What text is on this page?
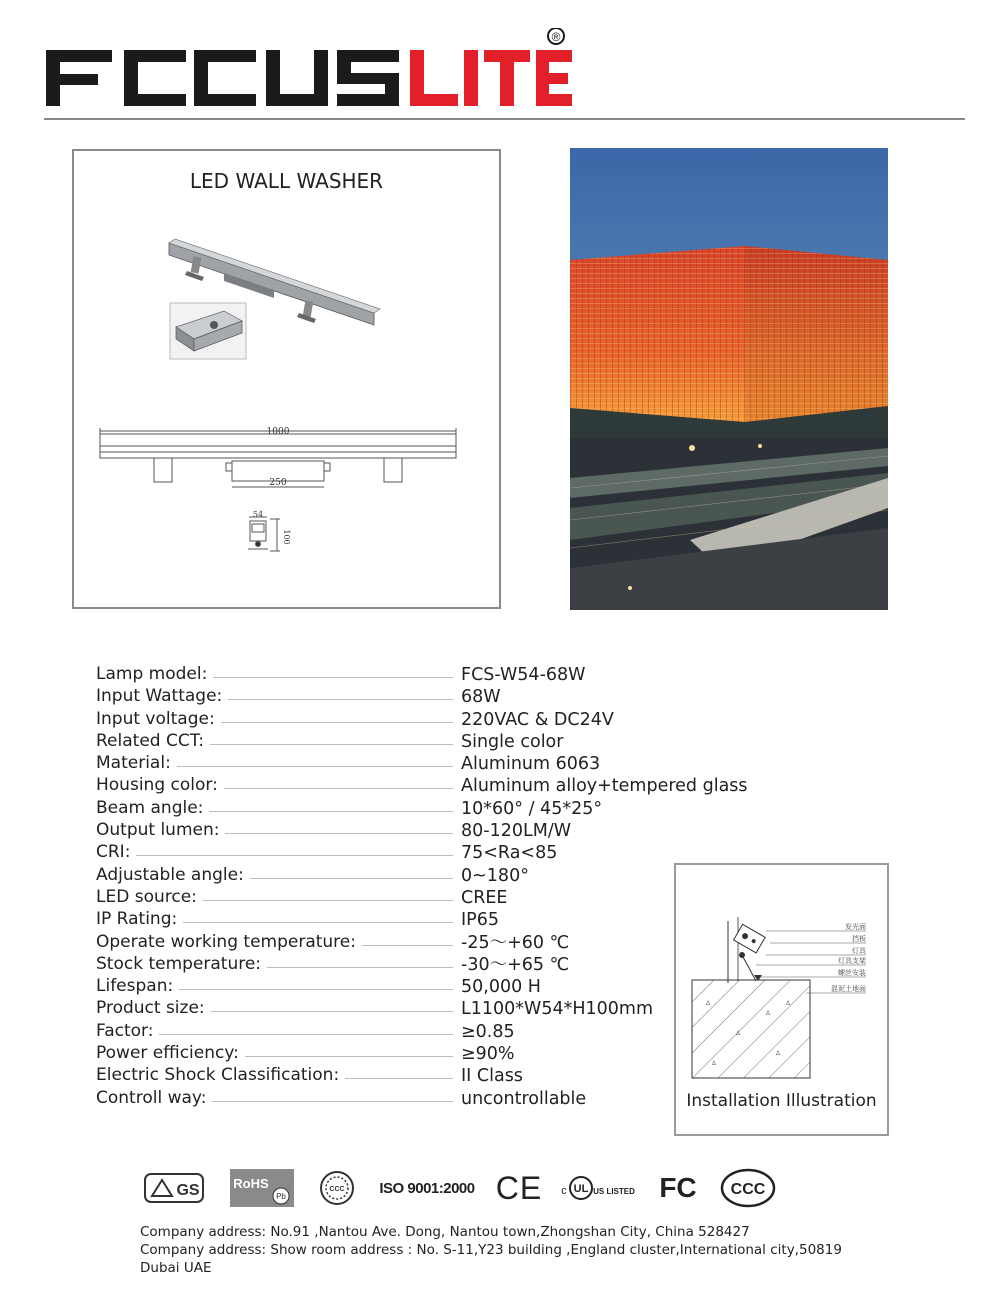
®
LED WALL WASHER
1000
250
54
100
Lamp model:	FCS-W54-68W
Input Wattage:	68W
Input voltage:	220VAC & DC24V
Related CCT:	Single color
Material:	Aluminum 6063
Housing color:	Aluminum alloy+tempered glass
Beam angle:	10*60° / 45*25°
Output lumen:	80-120LM/W
CRI:	75<Ra<85
Adjustable angle:	0~180°
LED source:	CREE
IP Rating:	IP65
Operate working temperature:	-25～+60 ℃
Stock temperature:	-30～+65 ℃
Lifespan:	50,000 H
Product size:	L1100*W54*H100mm
Factor:	≥0.85
Power efficiency:	≥90%
Electric Shock Classification:	II Class
Controll way:	uncontrollable
发光面
挡板
灯具
灯具支架
螺丝安装
混泥土地面
Δ
Δ
Δ
Δ
Δ
Δ
Installation Illustration
GS	RoHS
Pb
CCC ISO 9001:2000 CE c UL US LISTED FC CCC
Company address: No.91 ,Nantou Ave. Dong, Nantou town,Zhongshan City, China 528427
Company address: Show room address : No. S-11,Y23 building ,England cluster,International city,50819 Dubai UAE
